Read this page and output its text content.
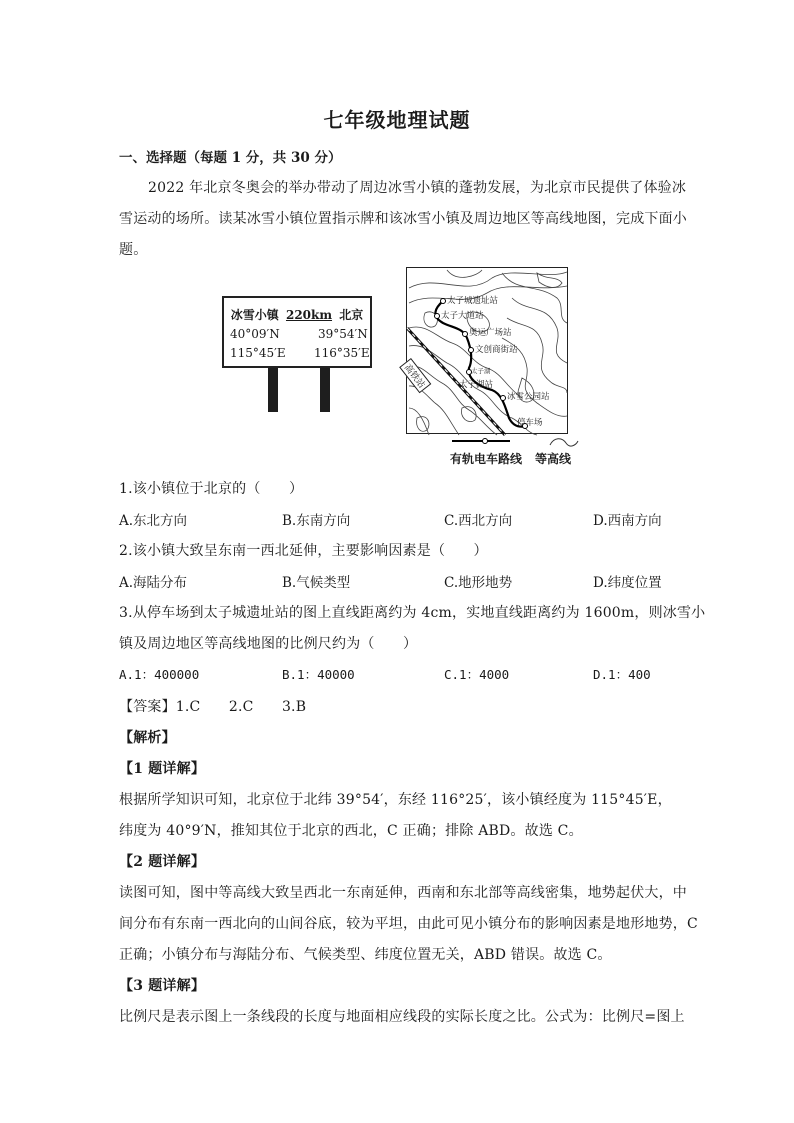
七年级地理试题
一、选择题（每题 1 分，共 30 分）
2022 年北京冬奥会的举办带动了周边冰雪小镇的蓬勃发展，为北京市民提供了体验冰
雪运动的场所。读某冰雪小镇位置指示牌和该冰雪小镇及周边地区等高线地图，完成下面小
题。
冰雪小镇 220km 北京
40°09′N	39°54′N
115°45′E 116°35′E
太子城遗址站
太子大道站
奥运广场站
文创商街站
太子湖
太子湖站
冰雪公园站
停车场
高铁站
有轨电车路线 等高线
1.该小镇位于北京的（　　）
A.东北方向	B.东南方向	C.西北方向	D.西南方向
2.该小镇大致呈东南一西北延伸，主要影响因素是（　　）
A.海陆分布	B.气候类型	C.地形地势	D.纬度位置
3.从停车场到太子城遗址站的图上直线距离约为 4cm，实地直线距离约为 1600m，则冰雪小
镇及周边地区等高线地图的比例尺约为（　　）
A.1：400000	B.1：40000	C.1：4000	D.1：400
【答案】1.C　　2.C　　3.B
【解析】
【1 题详解】
根据所学知识可知，北京位于北纬 39°54′，东经 116°25′，该小镇经度为 115°45′E，
纬度为 40°9′N，推知其位于北京的西北，C 正确；排除 ABD。故选 C。
【2 题详解】
读图可知，图中等高线大致呈西北一东南延伸，西南和东北部等高线密集，地势起伏大，中
间分布有东南一西北向的山间谷底，较为平坦，由此可见小镇分布的影响因素是地形地势，C
正确；小镇分布与海陆分布、气候类型、纬度位置无关，ABD 错误。故选 C。
【3 题详解】
比例尺是表示图上一条线段的长度与地面相应线段的实际长度之比。公式为：比例尺=图上
